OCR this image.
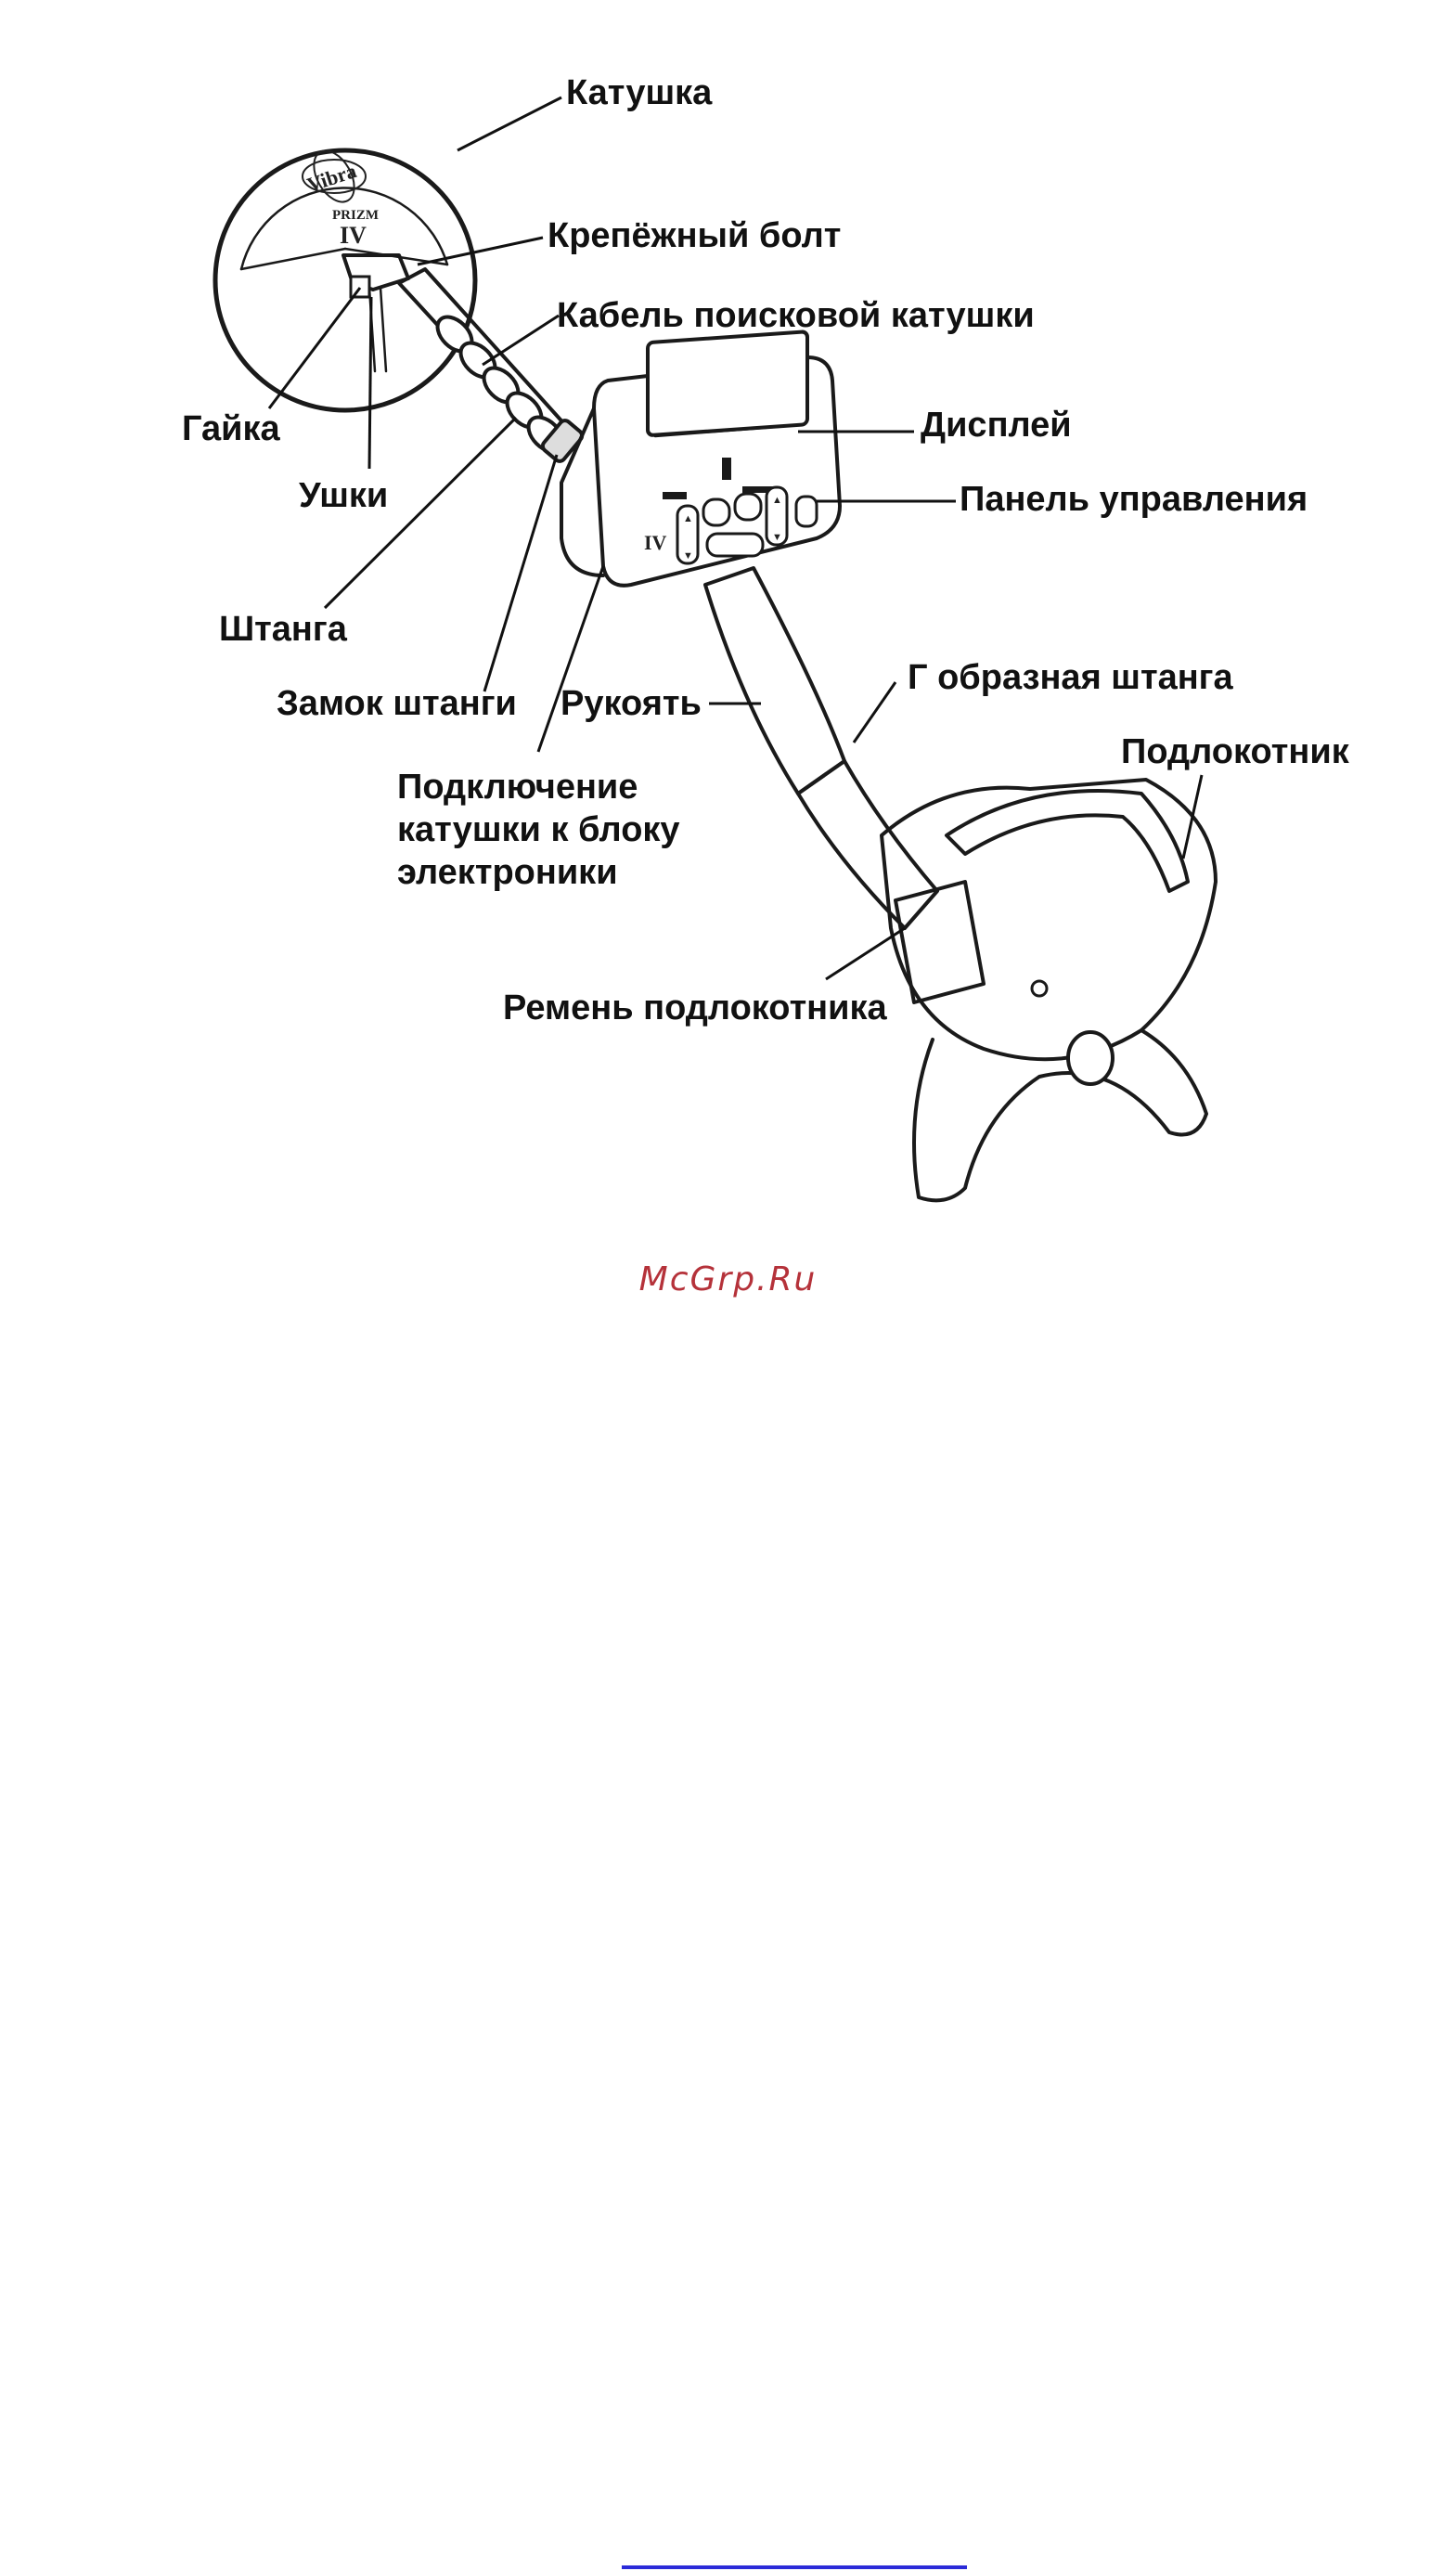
Vibra
PRIZM
IV
▲
▼
▲
▼
IV
Катушка
Крепёжный болт
Кабель поисковой катушки
Гайка
Ушки
Дисплей
Панель управления
Штанга
Замок штанги Рукоять
Г образная штанга
Подлокотник
Подключение
катушки к блоку
электроники
Ремень подлокотника
McGrp.Ru
